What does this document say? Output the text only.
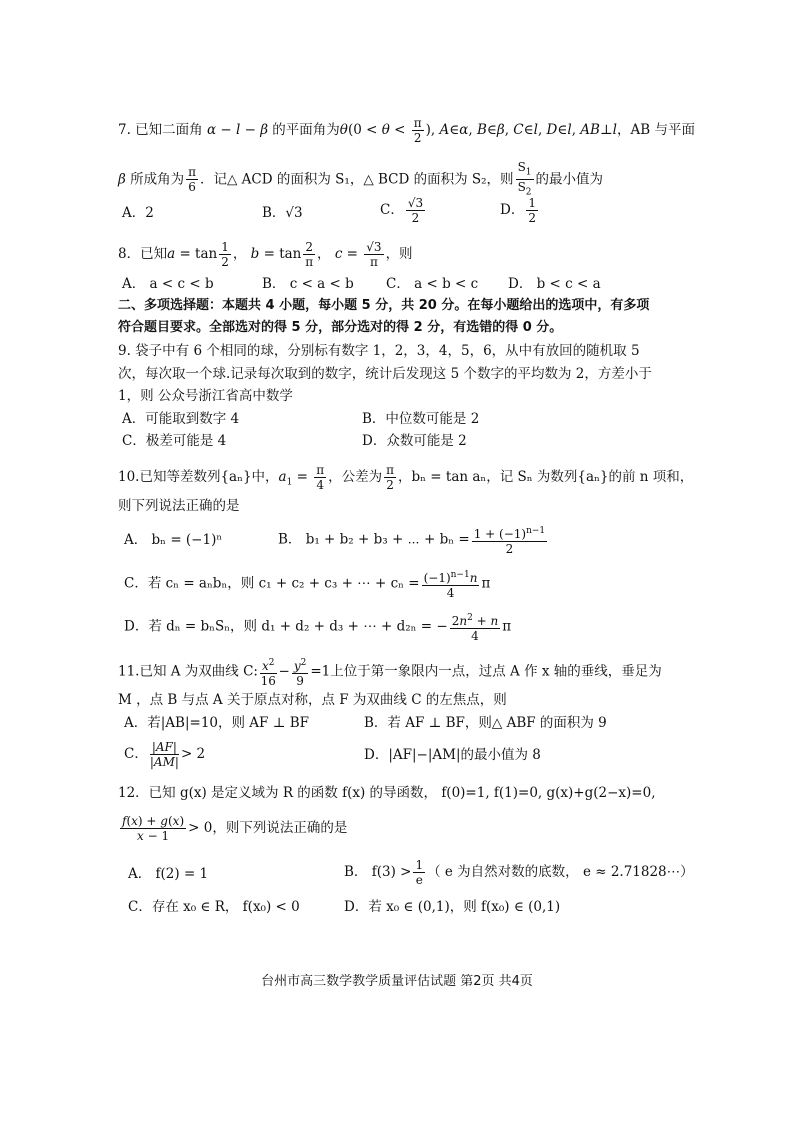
7. 已知二面角 α − l − β 的平面角为$\theta(0 < \theta < \frac{\pi}{2}$ ), A∈α, B∈β, C∈l, D∈l, AB⊥l，AB 与平面
β 所成角为 $\frac{\pi}{6}$ ．记△ ACD 的面积为 S₁，△ BCD 的面积为 S₂，则 $\frac{S_1}{S_2}$ 的最小值为
A．2	B．√3	C． $\frac{√3}{2}$	D． $\frac{1}{2}$
8．已知$a = \tan \frac{1}{2}$ ， $b = \tan \frac{2}{\pi}$ ， $c = \frac{√3}{\pi}$ ，则
A． a < c < b	B． c < a < b C． a < b < c D． b < c < a
二、多项选择题：本题共 4 小题，每小题 5 分，共 20 分。在每小题给出的选项中，有多项
符合题目要求。全部选对的得 5 分，部分选对的得 2 分，有选错的得 0 分。
9. 袋子中有 6 个相同的球，分别标有数字 1，2，3，4，5，6，从中有放回的随机取 5
次，每次取一个球.记录每次取到的数字，统计后发现这 5 个数字的平均数为 2，方差小于
1，则 公众号浙江省高中数学
A．可能取到数字 4	B．中位数可能是 2
C．极差可能是 4	D．众数可能是 2
10.已知等差数列{aₙ}中，$a_1 = \frac{\pi}{4}$ ，公差为 $\frac{\pi}{2}$ ，bₙ = tan aₙ，记 Sₙ 为数列{aₙ}的前 n 项和，
则下列说法正确的是
A． bₙ = (−1)ⁿ	B． b₁ + b₂ + b₃ + ⋯ + $b_n = \frac{1 + (-1)^{n-1}}{2}$
C．若 cₙ = aₙbₙ，则 c₁ + c₂ + c₃ + ⋯ + $c_n = \frac{(-1)^{n-1}n}{4}$ π
D．若 dₙ = bₙSₙ，则 d₁ + d₂ + d₃ + ⋯ + d₂ₙ = − $\frac{2n^2 + n}{4}$ π
11.已知 A 为双曲线 C: $\frac{x^2}{16} - \frac{y^2}{9} =1$上位于第一象限内一点，过点 A 作 x 轴的垂线，垂足为
M ，点 B 与点 A 关于原点对称，点 F 为双曲线 C 的左焦点，则
A．若|AB|=10，则 AF ⊥ BF	B．若 AF ⊥ BF，则△ ABF 的面积为 9
C． $\frac{|AF|}{|AM|} > 2$	D．|AF|−|AM|的最小值为 8
12．已知 g(x) 是定义域为 R 的函数 f(x) 的导函数， f(0)=1, f(1)=0, g(x)+g(2−x)=0,
$\frac{f(x) + g(x)}{x - 1} > 0$，则下列说法正确的是
A． f(2) = 1	B． $f(3) > \frac{1}{e}$ （ e 为自然对数的底数， e ≈ 2.71828⋯）
C．存在 x₀ ∈ R， f(x₀) < 0	D．若 x₀ ∈ (0,1)，则 f(x₀) ∈ (0,1)
台州市高三数学教学质量评估试题 第2页 共4页
